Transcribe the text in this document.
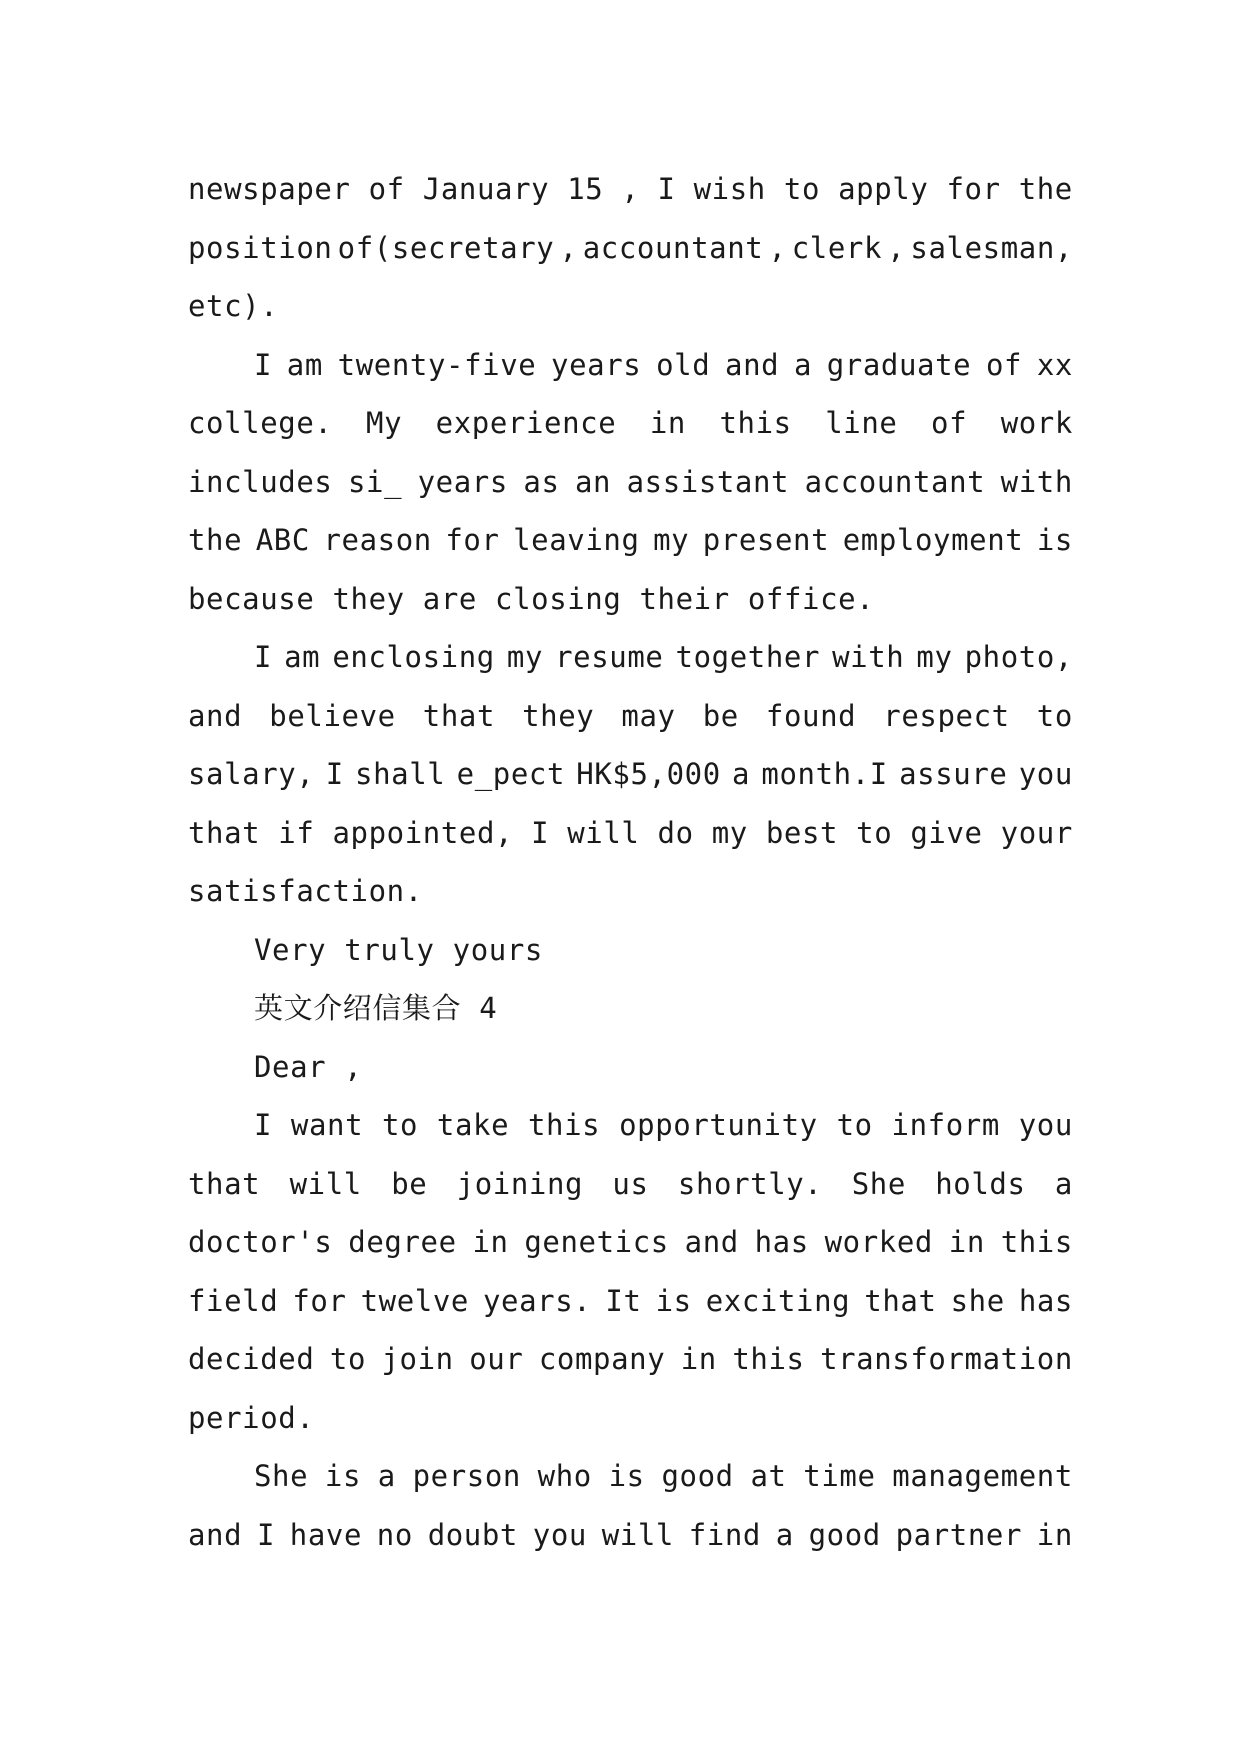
newspaper of January 15 , I wish to apply for the
position of(secretary , accountant , clerk , salesman,
etc).
I am twenty-five years old and a graduate of xx
college. My experience in this line of work
includes si_ years as an assistant accountant with
the ABC reason for leaving my present employment is
because they are closing their office.
I am enclosing my resume together with my photo,
and believe that they may be found respect to
salary, I shall e_pect HK$5,000 a month.I assure you
that if appointed, I will do my best to give your
satisfaction.
Very truly yours
英文介绍信集合 4
Dear ,
I want to take this opportunity to inform you
that will be joining us shortly. She holds a
doctor's degree in genetics and has worked in this
field for twelve years. It is exciting that she has
decided to join our company in this transformation
period.
She is a person who is good at time management
and I have no doubt you will find a good partner in
